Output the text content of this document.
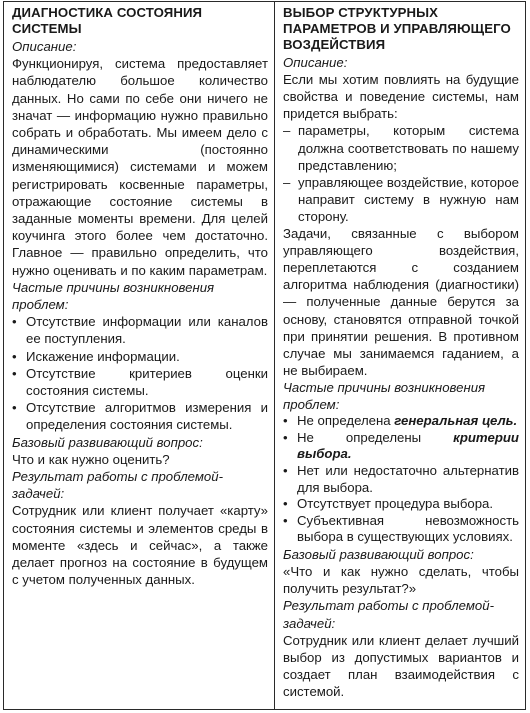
ДИАГНОСТИКА СОСТОЯНИЯ СИСТЕМЫ
Описание:

Функционируя, система предоставляет наблюдателю большое количество данных. Но сами по себе они ничего не значат — информацию нужно правильно собрать и обработать. Мы имеем дело с динамическими (постоянно изменяющимися) системами и можем регистрировать косвенные параметры, отражающие состояние системы в заданные моменты времени. Для целей коучинга этого более чем достаточно. Главное — правильно определить, что нужно оценивать и по каким параметрам.

Частые причины возникновения проблем:
• Отсутствие информации или каналов ее поступления.
• Искажение информации.
• Отсутствие критериев оценки состояния системы.
• Отсутствие алгоритмов измерения и определения состояния системы.
Базовый развивающий вопрос:

Что и как нужно оценить?

Результат работы с проблемой-задачей:

Сотрудник или клиент получает «карту» состояния системы и элементов среды в моменте «здесь и сейчас», а также делает прогноз на состояние в будущем с учетом полученных данных.

ВЫБОР СТРУКТУРНЫХ ПАРАМЕТРОВ И УПРАВЛЯЮЩЕГО ВОЗДЕЙСТВИЯ
Описание:

Если мы хотим повлиять на будущие свойства и поведение системы, нам придется выбрать:

– параметры, которым система должна соответствовать по нашему представлению;
– управляющее воздействие, которое направит систему в нужную нам сторону.

Задачи, связанные с выбором управляющего воздействия, переплетаются с созданием алгоритма наблюдения (диагностики) — полученные данные берутся за основу, становятся отправной точкой при принятии решения. В противном случае мы занимаемся гаданием, а не выбираем.

Частые причины возникновения проблем:
• Не определена генеральная цель.
• Не определены критерии выбора.
• Нет или недостаточно альтернатив для выбора.
• Отсутствует процедура выбора.
• Субъективная невозможность выбора в существующих условиях.
Базовый развивающий вопрос:

«Что и как нужно сделать, чтобы получить результат?»

Результат работы с проблемой-задачей:

Сотрудник или клиент делает лучший выбор из допустимых вариантов и создает план взаимодействия с системой.
